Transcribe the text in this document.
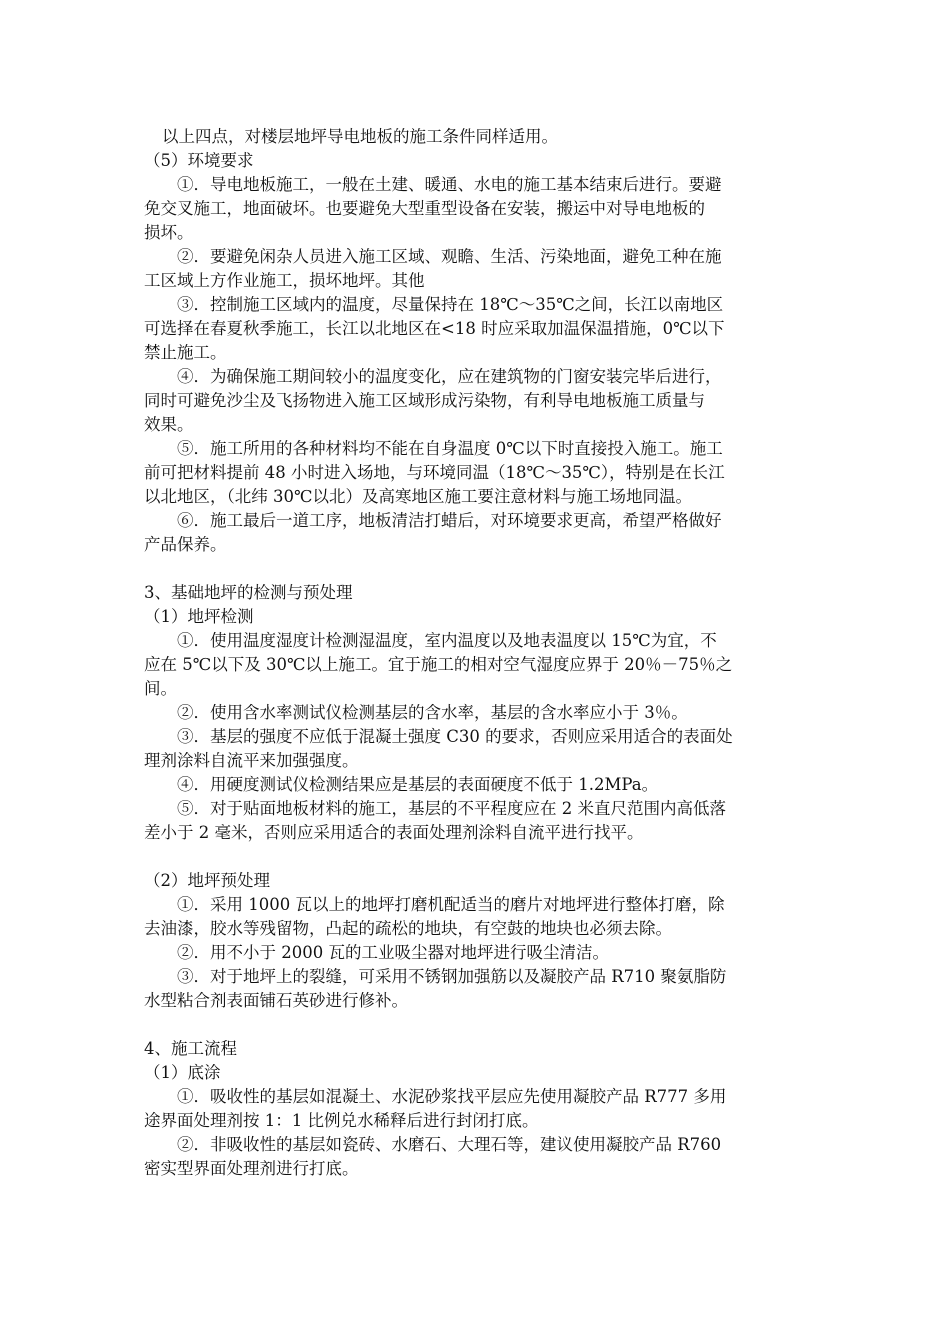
以上四点，对楼层地坪导电地板的施工条件同样适用。
（5）环境要求
①．导电地板施工，一般在土建、暖通、水电的施工基本结束后进行。要避
免交叉施工，地面破坏。也要避免大型重型设备在安装，搬运中对导电地板的
损坏。
②．要避免闲杂人员进入施工区域、观瞻、生活、污染地面，避免工种在施
工区域上方作业施工，损坏地坪。其他
③．控制施工区域内的温度，尽量保持在 18℃～35℃之间，长江以南地区
可选择在春夏秋季施工，长江以北地区在<18 时应采取加温保温措施，0℃以下
禁止施工。
④．为确保施工期间较小的温度变化，应在建筑物的门窗安装完毕后进行，
同时可避免沙尘及飞扬物进入施工区域形成污染物，有利导电地板施工质量与
效果。
⑤．施工所用的各种材料均不能在自身温度 0℃以下时直接投入施工。施工
前可把材料提前 48 小时进入场地，与环境同温（18℃～35℃），特别是在长江
以北地区，（北纬 30℃以北）及高寒地区施工要注意材料与施工场地同温。
⑥．施工最后一道工序，地板清洁打蜡后，对环境要求更高，希望严格做好
产品保养。
3、基础地坪的检测与预处理
（1）地坪检测
①．使用温度湿度计检测湿温度，室内温度以及地表温度以 15℃为宜，不
应在 5℃以下及 30℃以上施工。宜于施工的相对空气湿度应界于 20％－75％之
间。
②．使用含水率测试仪检测基层的含水率，基层的含水率应小于 3％。
③．基层的强度不应低于混凝土强度 C30 的要求，否则应采用适合的表面处
理剂涂料自流平来加强强度。
④．用硬度测试仪检测结果应是基层的表面硬度不低于 1.2MPa。
⑤．对于贴面地板材料的施工，基层的不平程度应在 2 米直尺范围内高低落
差小于 2 毫米，否则应采用适合的表面处理剂涂料自流平进行找平。
（2）地坪预处理
①．采用 1000 瓦以上的地坪打磨机配适当的磨片对地坪进行整体打磨，除
去油漆，胶水等残留物，凸起的疏松的地块，有空鼓的地块也必须去除。
②．用不小于 2000 瓦的工业吸尘器对地坪进行吸尘清洁。
③．对于地坪上的裂缝，可采用不锈钢加强筋以及凝胶产品 R710 聚氨脂防
水型粘合剂表面铺石英砂进行修补。
4、施工流程
（1）底涂
①．吸收性的基层如混凝土、水泥砂浆找平层应先使用凝胶产品 R777 多用
途界面处理剂按 1：1 比例兑水稀释后进行封闭打底。
②．非吸收性的基层如瓷砖、水磨石、大理石等，建议使用凝胶产品 R760
密实型界面处理剂进行打底。
